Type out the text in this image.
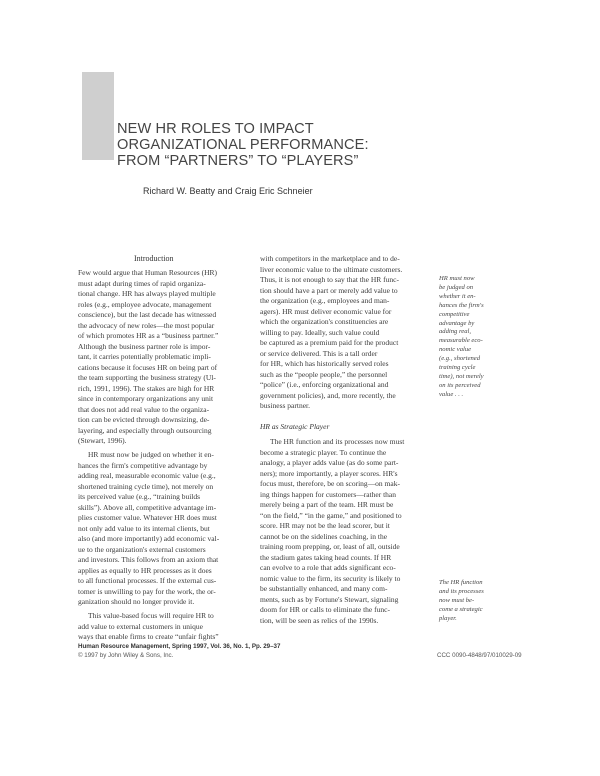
NEW HR ROLES TO IMPACT
ORGANIZATIONAL PERFORMANCE:
FROM “PARTNERS” TO “PLAYERS”
Richard W. Beatty and Craig Eric Schneier
Introduction
Few would argue that Human Resources (HR)
must adapt during times of rapid organiza-
tional change. HR has always played multiple
roles (e.g., employee advocate, management
conscience), but the last decade has witnessed
the advocacy of new roles—the most popular
of which promotes HR as a “business partner.”
Although the business partner role is impor-
tant, it carries potentially problematic impli-
cations because it focuses HR on being part of
the team supporting the business strategy (Ul-
rich, 1991, 1996). The stakes are high for HR
since in contemporary organizations any unit
that does not add real value to the organiza-
tion can be evicted through downsizing, de-
layering, and especially through outsourcing
(Stewart, 1996).
HR must now be judged on whether it en-
hances the firm's competitive advantage by
adding real, measurable economic value (e.g.,
shortened training cycle time), not merely on
its perceived value (e.g., “training builds
skills”). Above all, competitive advantage im-
plies customer value. Whatever HR does must
not only add value to its internal clients, but
also (and more importantly) add economic val-
ue to the organization's external customers
and investors. This follows from an axiom that
applies as equally to HR processes as it does
to all functional processes. If the external cus-
tomer is unwilling to pay for the work, the or-
ganization should no longer provide it.
This value-based focus will require HR to
add value to external customers in unique
ways that enable firms to create “unfair fights”
with competitors in the marketplace and to de-
liver economic value to the ultimate customers.
Thus, it is not enough to say that the HR func-
tion should have a part or merely add value to
the organization (e.g., employees and man-
agers). HR must deliver economic value for
which the organization's constituencies are
willing to pay. Ideally, such value could
be captured as a premium paid for the product
or service delivered. This is a tall order
for HR, which has historically served roles
such as the “people people,” the personnel
“police” (i.e., enforcing organizational and
government policies), and, more recently, the
business partner.
HR as Strategic Player
The HR function and its processes now must
become a strategic player. To continue the
analogy, a player adds value (as do some part-
ners); more importantly, a player scores. HR's
focus must, therefore, be on scoring—on mak-
ing things happen for customers—rather than
merely being a part of the team. HR must be
“on the field,” “in the game,” and positioned to
score. HR may not be the lead scorer, but it
cannot be on the sidelines coaching, in the
training room prepping, or, least of all, outside
the stadium gates taking head counts. If HR
can evolve to a role that adds significant eco-
nomic value to the firm, its security is likely to
be substantially enhanced, and many com-
ments, such as by Fortune's Stewart, signaling
doom for HR or calls to eliminate the func-
tion, will be seen as relics of the 1990s.
HR must now
be judged on
whether it en-
hances the firm's
competitive
advantage by
adding real,
measurable eco-
nomic value
(e.g., shortened
training cycle
time), not merely
on its perceived
value . . .
The HR function
and its processes
now must be-
come a strategic
player.
Human Resource Management, Spring 1997, Vol. 36, No. 1, Pp. 29–37
© 1997 by John Wiley & Sons, Inc.	CCC 0090-4848/97/010029-09
